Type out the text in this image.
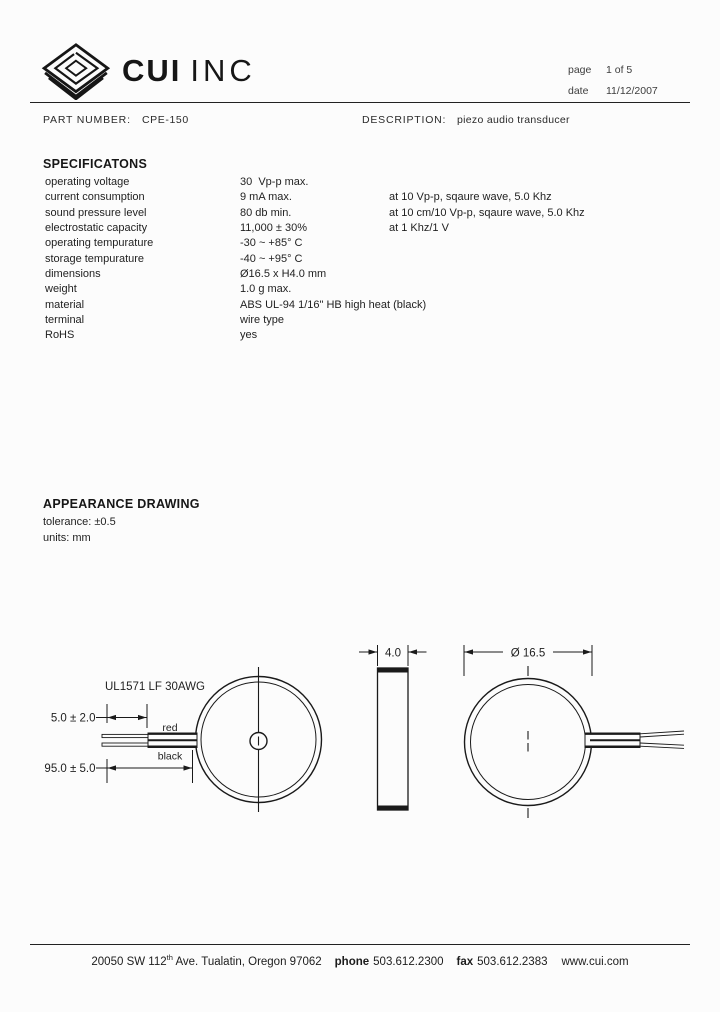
CUI INC	page 1 of 5
date 11/12/2007
PART NUMBER: CPE-150	DESCRIPTION: piezo audio transducer
SPECIFICATONS
operating voltage	30  Vp-p max.
current consumption	9 mA max.	at 10 Vp-p, sqaure wave, 5.0 Khz
sound pressure level	80 db min.	at 10 cm/10 Vp-p, sqaure wave, 5.0 Khz
electrostatic capacity	11,000 ± 30%	at 1 Khz/1 V
operating tempurature	-30 ~ +85° C
storage tempurature	-40 ~ +95° C
dimensions	Ø16.5 x H4.0 mm
weight	1.0 g max.
material	ABS UL-94 1/16" HB high heat (black)
terminal	wire type
RoHS	yes
APPEARANCE DRAWING
tolerance: ±0.5
units: mm
red
black
UL1571 LF 30AWG
5.0 ± 2.0
95.0 ± 5.0
4.0	Ø 16.5
20050 SW 112th Ave. Tualatin, Oregon 97062 phone 503.612.2300 fax 503.612.2383 www.cui.com
